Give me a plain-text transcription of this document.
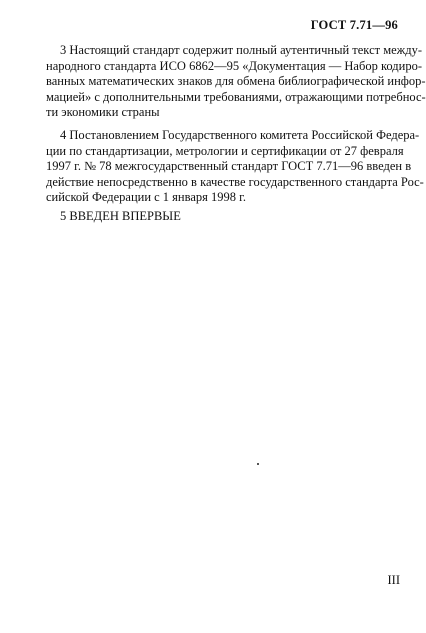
ГОСТ 7.71—96
3 Настоящий стандарт содержит полный аутентичный текст между-
народного стандарта ИСО 6862—95 «Документация — Набор кодиро-
ванных математических знаков для обмена библиографической инфор-
мацией» с дополнительными требованиями, отражающими потребнос-
ти экономики страны
4 Постановлением Государственного комитета Российской Федера-
ции по стандартизации, метрологии и сертификации от 27 февраля
1997 г. № 78 межгосударственный стандарт ГОСТ 7.71—96 введен в
действие непосредственно в качестве государственного стандарта Рос-
сийской Федерации с 1 января 1998 г.
5 ВВЕДЕН ВПЕРВЫЕ
III
